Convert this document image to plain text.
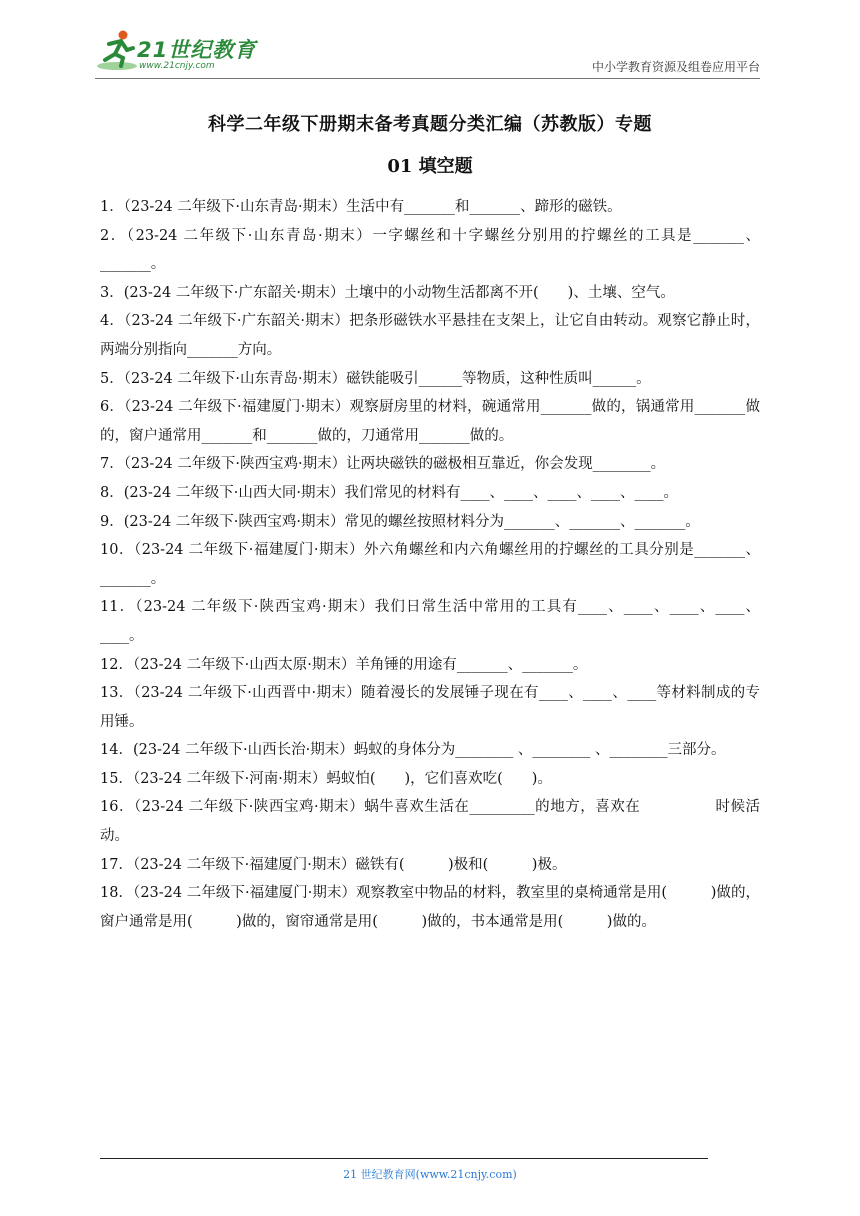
21世纪教育
www.21cnjy.com	中小学教育资源及组卷应用平台
科学二年级下册期末备考真题分类汇编（苏教版）专题
01 填空题

1．（23-24 二年级下·山东青岛·期末）生活中有_______和_______、蹄形的磁铁。

2．（23-24 二年级下·山东青岛·期末）一字螺丝和十字螺丝分别用的拧螺丝的工具是_______、_______。

3．(23-24 二年级下·广东韶关·期末）土壤中的小动物生活都离不开(　　)、土壤、空气。

4．（23-24 二年级下·广东韶关·期末）把条形磁铁水平悬挂在支架上，让它自由转动。观察它静止时，两端分别指向_______方向。

5．（23-24 二年级下·山东青岛·期末）磁铁能吸引______等物质，这种性质叫______。

6．（23-24 二年级下·福建厦门·期末）观察厨房里的材料，碗通常用_______做的，锅通常用_______做的，窗户通常用_______和_______做的，刀通常用_______做的。

7．（23-24 二年级下·陕西宝鸡·期末）让两块磁铁的磁极相互靠近，你会发现________。

8．(23-24 二年级下·山西大同·期末）我们常见的材料有____、____、____、____、____。

9．(23-24 二年级下·陕西宝鸡·期末）常见的螺丝按照材料分为_______、_______、_______。

10．（23-24 二年级下·福建厦门·期末）外六角螺丝和内六角螺丝用的拧螺丝的工具分别是_______、_______。

11．（23-24 二年级下·陕西宝鸡·期末）我们日常生活中常用的工具有____、____、____、____、____。

12．（23-24 二年级下·山西太原·期末）羊角锤的用途有_______、_______。

13．（23-24 二年级下·山西晋中·期末）随着漫长的发展锤子现在有____、____、____等材料制成的专用锤。

14．(23-24 二年级下·山西长治·期末）蚂蚁的身体分为________ 、________ 、________三部分。

15．（23-24 二年级下·河南·期末）蚂蚁怕(　　)，它们喜欢吃(　　)。

16．（23-24 二年级下·陕西宝鸡·期末）蜗牛喜欢生活在_________的地方，喜欢在　　　　　时候活动。

17．（23-24 二年级下·福建厦门·期末）磁铁有(　　　)极和(　　　)极。

18．（23-24 二年级下·福建厦门·期末）观察教室中物品的材料，教室里的桌椅通常是用(　　　)做的，窗户通常是用(　　　)做的，窗帘通常是用(　　　)做的，书本通常是用(　　　)做的。

21 世纪教育网(www.21cnjy.com)
